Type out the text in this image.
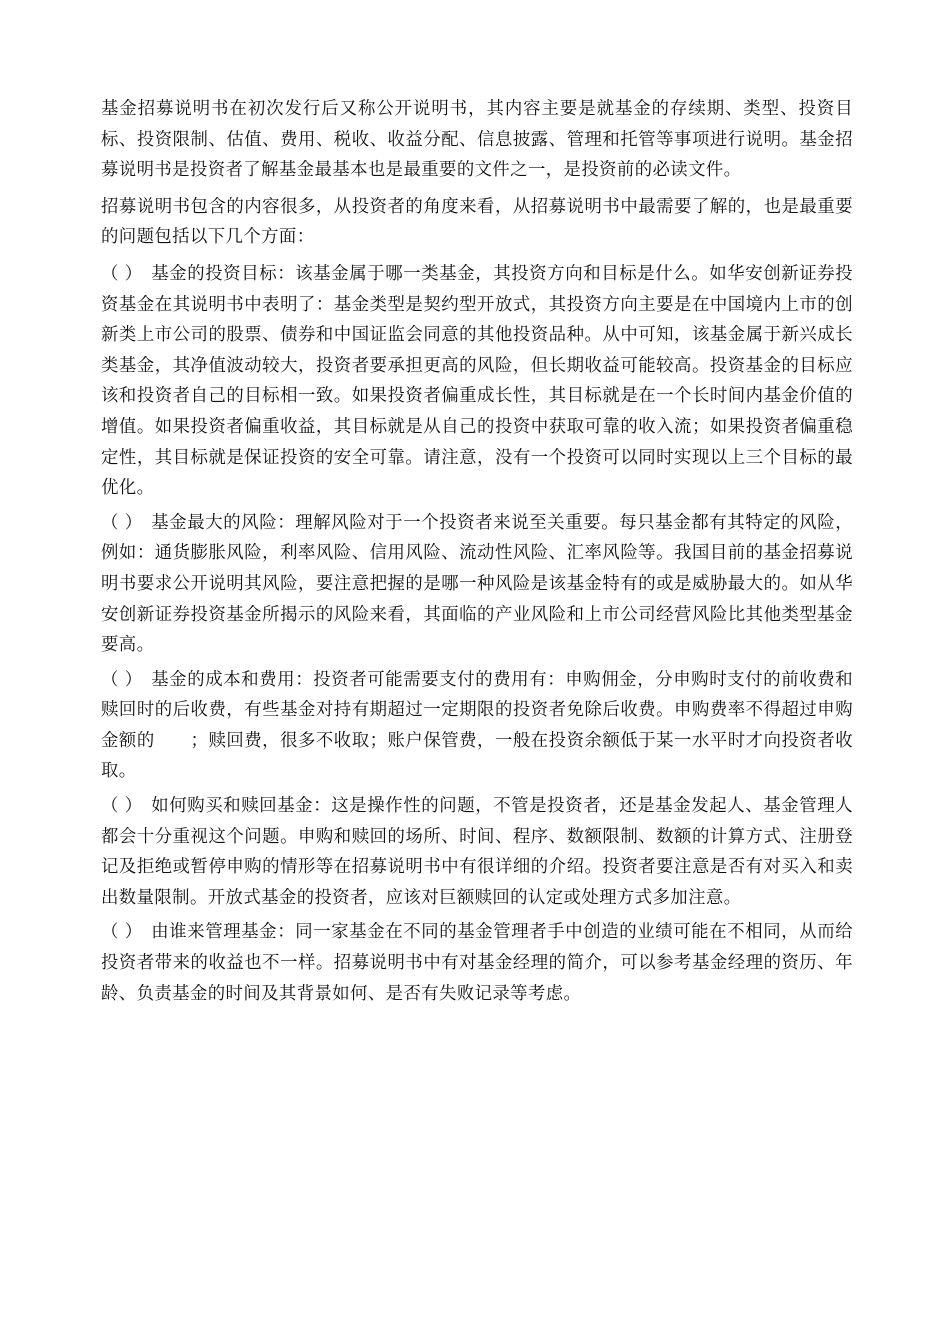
基金招募说明书在初次发行后又称公开说明书，其内容主要是就基金的存续期、类型、投资目标、投资限制、估值、费用、税收、收益分配、信息披露、管理和托管等事项进行说明。基金招募说明书是投资者了解基金最基本也是最重要的文件之一，是投资前的必读文件。

招募说明书包含的内容很多，从投资者的角度来看，从招募说明书中最需要了解的，也是最重要的问题包括以下几个方面：

（ ） 基金的投资目标：该基金属于哪一类基金，其投资方向和目标是什么。如华安创新证券投资基金在其说明书中表明了：基金类型是契约型开放式，其投资方向主要是在中国境内上市的创新类上市公司的股票、债券和中国证监会同意的其他投资品种。从中可知，该基金属于新兴成长类基金，其净值波动较大，投资者要承担更高的风险，但长期收益可能较高。投资基金的目标应该和投资者自己的目标相一致。如果投资者偏重成长性，其目标就是在一个长时间内基金价值的增值。如果投资者偏重收益，其目标就是从自己的投资中获取可靠的收入流；如果投资者偏重稳定性，其目标就是保证投资的安全可靠。请注意，没有一个投资可以同时实现以上三个目标的最优化。

（ ） 基金最大的风险：理解风险对于一个投资者来说至关重要。每只基金都有其特定的风险，例如：通货膨胀风险，利率风险、信用风险、流动性风险、汇率风险等。我国目前的基金招募说明书要求公开说明其风险，要注意把握的是哪一种风险是该基金特有的或是威胁最大的。如从华安创新证券投资基金所揭示的风险来看，其面临的产业风险和上市公司经营风险比其他类型基金要高。

（ ） 基金的成本和费用：投资者可能需要支付的费用有：申购佣金，分申购时支付的前收费和赎回时的后收费，有些基金对持有期超过一定期限的投资者免除后收费。申购费率不得超过申购金额的　　；赎回费，很多不收取；账户保管费，一般在投资余额低于某一水平时才向投资者收取。

（ ） 如何购买和赎回基金：这是操作性的问题，不管是投资者，还是基金发起人、基金管理人都会十分重视这个问题。申购和赎回的场所、时间、程序、数额限制、数额的计算方式、注册登记及拒绝或暂停申购的情形等在招募说明书中有很详细的介绍。投资者要注意是否有对买入和卖出数量限制。开放式基金的投资者，应该对巨额赎回的认定或处理方式多加注意。

（ ） 由谁来管理基金：同一家基金在不同的基金管理者手中创造的业绩可能在不相同，从而给投资者带来的收益也不一样。招募说明书中有对基金经理的简介，可以参考基金经理的资历、年龄、负责基金的时间及其背景如何、是否有失败记录等考虑。
